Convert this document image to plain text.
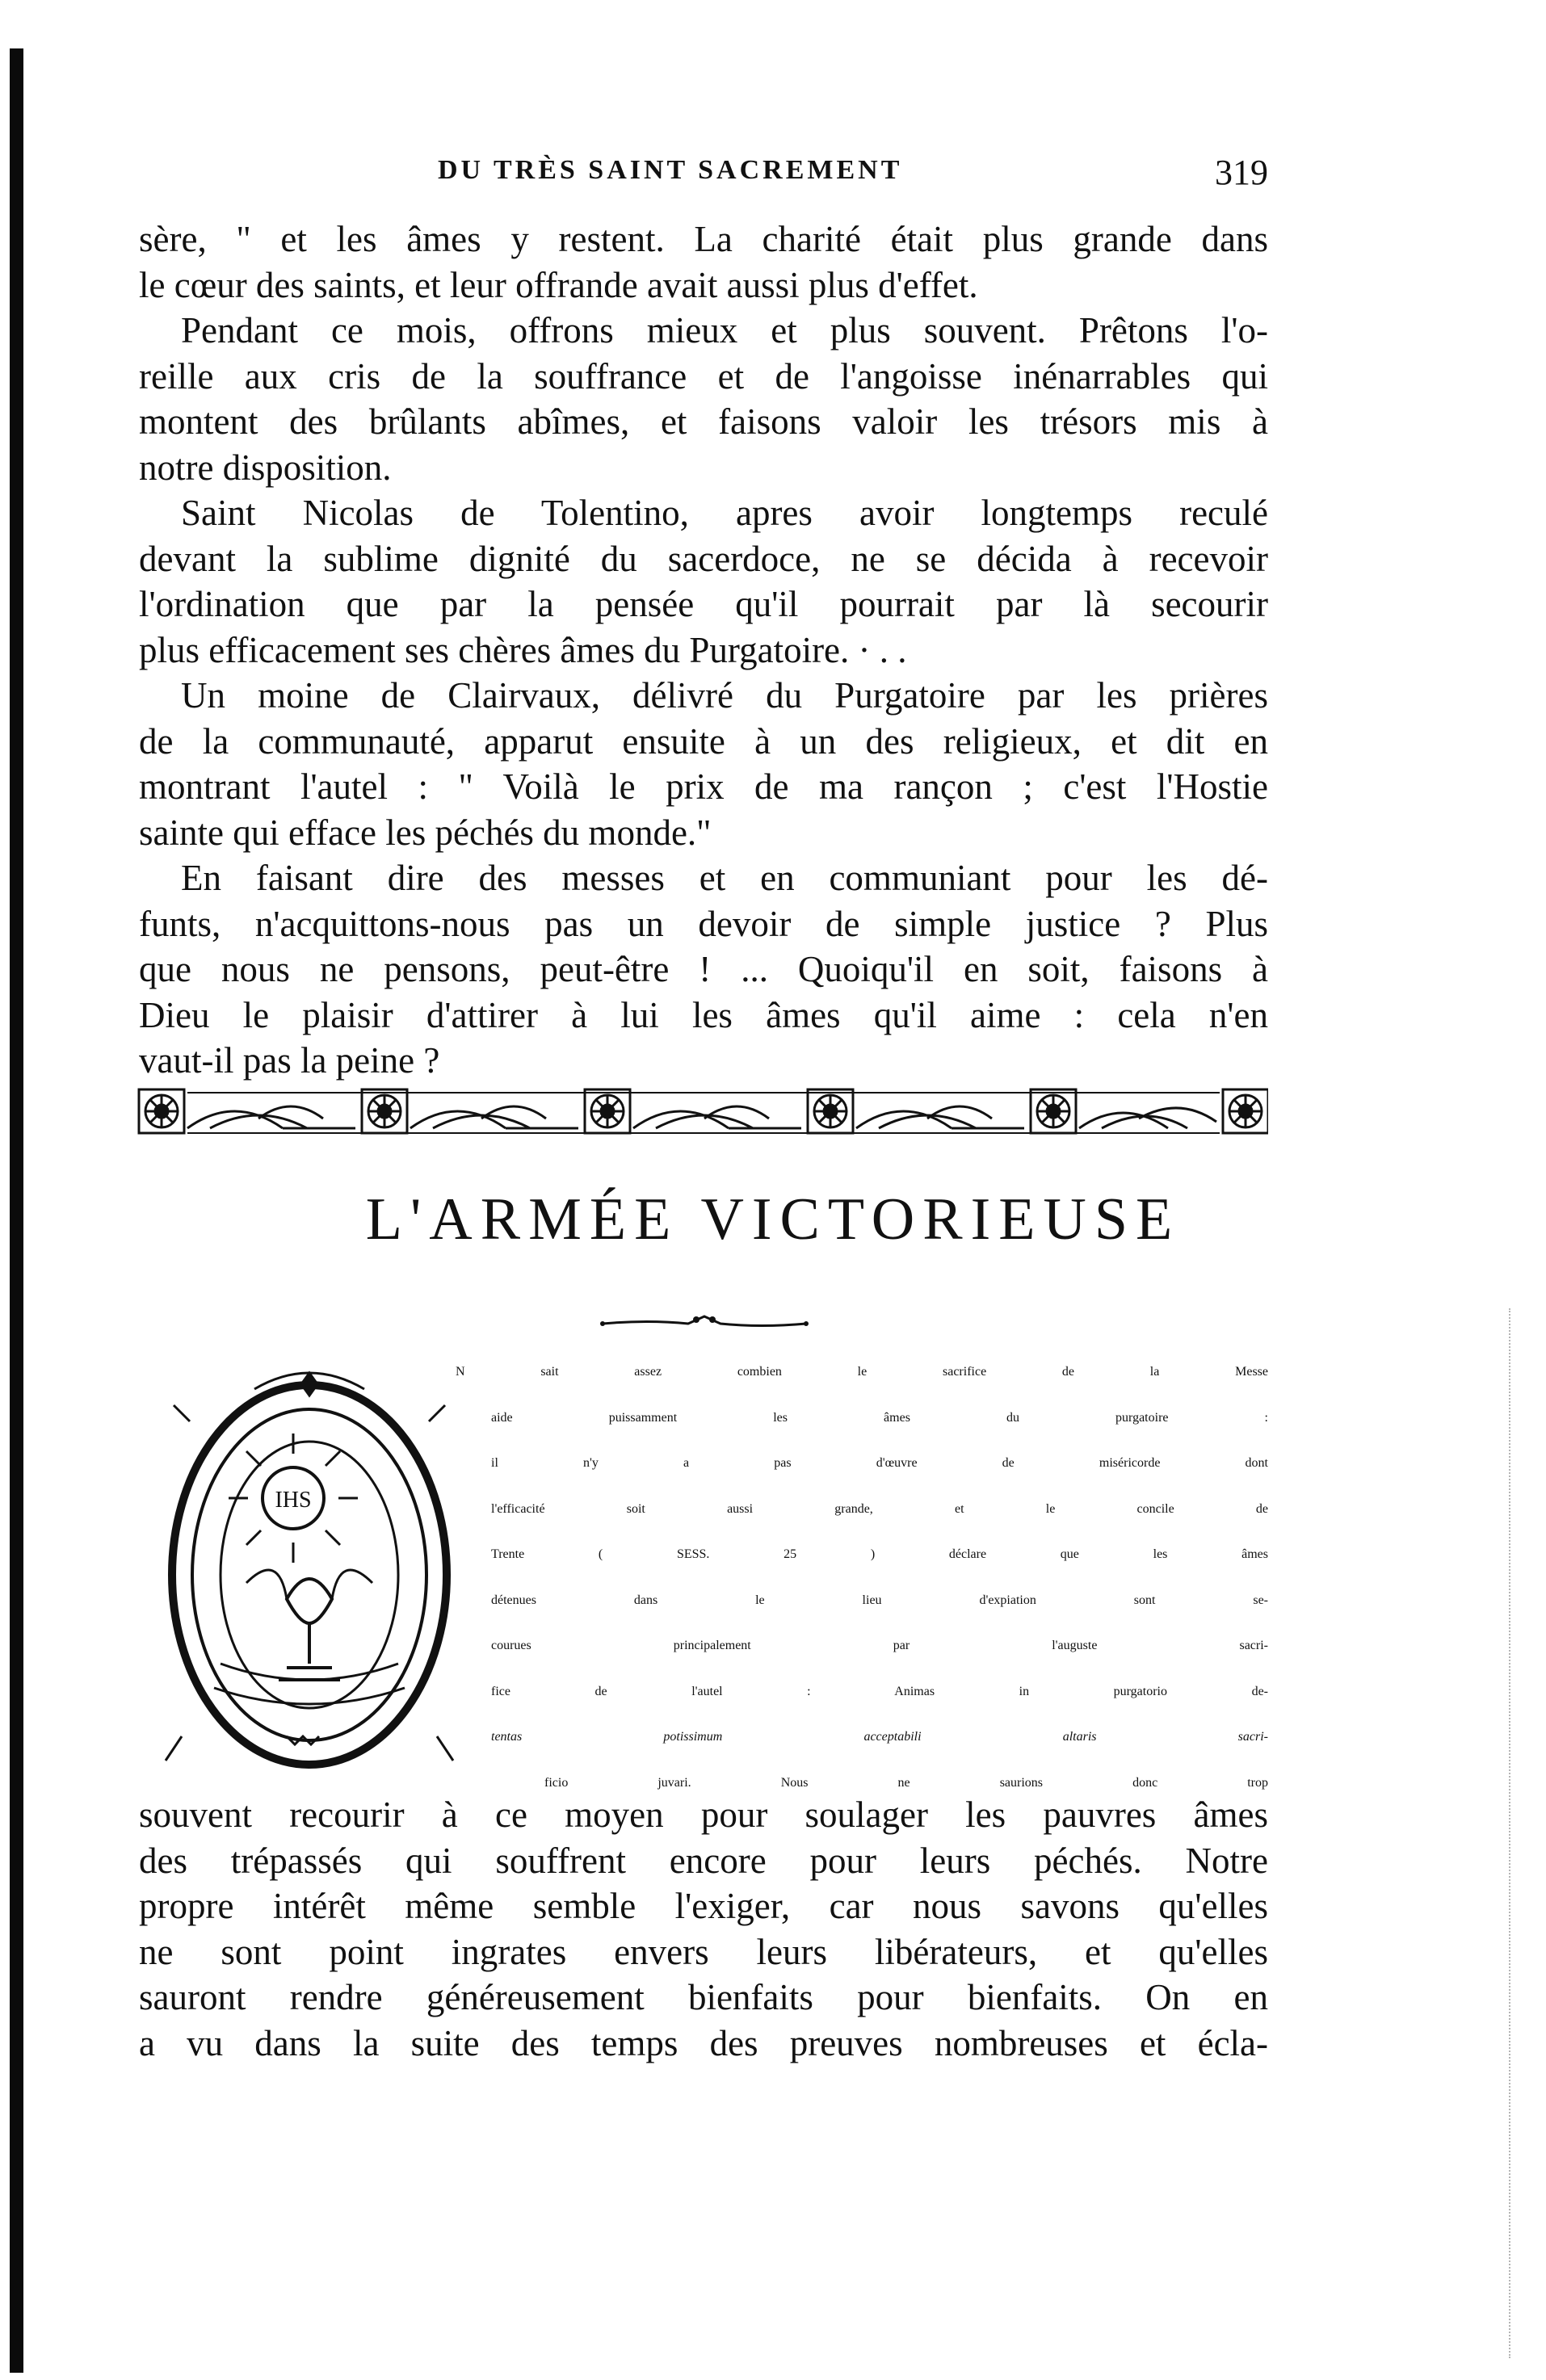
DU TRÈS SAINT SACREMENT	319
sère, " et les âmes y restent. La charité était plus grande dans
le cœur des saints, et leur offrande avait aussi plus d'effet.
Pendant ce mois, offrons mieux et plus souvent. Prêtons l'o-
reille aux cris de la souffrance et de l'angoisse inénarrables qui
montent des brûlants abîmes, et faisons valoir les trésors mis à
notre disposition.
Saint Nicolas de Tolentino, apres avoir longtemps reculé
devant la sublime dignité du sacerdoce, ne se décida à recevoir
l'ordination que par la pensée qu'il pourrait par là secourir
plus efficacement ses chères âmes du Purgatoire. · . .
Un moine de Clairvaux, délivré du Purgatoire par les prières
de la communauté, apparut ensuite à un des religieux, et dit en
montrant l'autel : " Voilà le prix de ma rançon ; c'est l'Hostie
sainte qui efface les péchés du monde."
En faisant dire des messes et en communiant pour les dé-
funts, n'acquittons-nous pas un devoir de simple justice ? Plus
que nous ne pensons, peut-être ! ... Quoiqu'il en soit, faisons à
Dieu le plaisir d'attirer à lui les âmes qu'il aime : cela n'en
vaut-il pas la peine ?
L'ARMÉE VICTORIEUSE
IHS
N sait assez combien le sacrifice de la Messe
aide puissamment les âmes du purgatoire :
il n'y a pas d'œuvre de miséricorde dont
l'efficacité soit aussi grande, et le concile de
Trente ( SESS. 25 ) déclare que les âmes
détenues dans le lieu d'expiation sont se-
courues principalement par l'auguste sacri-
fice de l'autel : Animas in purgatorio de-
tentas potissimum acceptabili altaris sacri-
ficio juvari. Nous ne saurions donc trop
souvent recourir à ce moyen pour soulager les pauvres âmes
des trépassés qui souffrent encore pour leurs péchés. Notre
propre intérêt même semble l'exiger, car nous savons qu'elles
ne sont point ingrates envers leurs libérateurs, et qu'elles
sauront rendre généreusement bienfaits pour bienfaits. On en
a vu dans la suite des temps des preuves nombreuses et écla-
